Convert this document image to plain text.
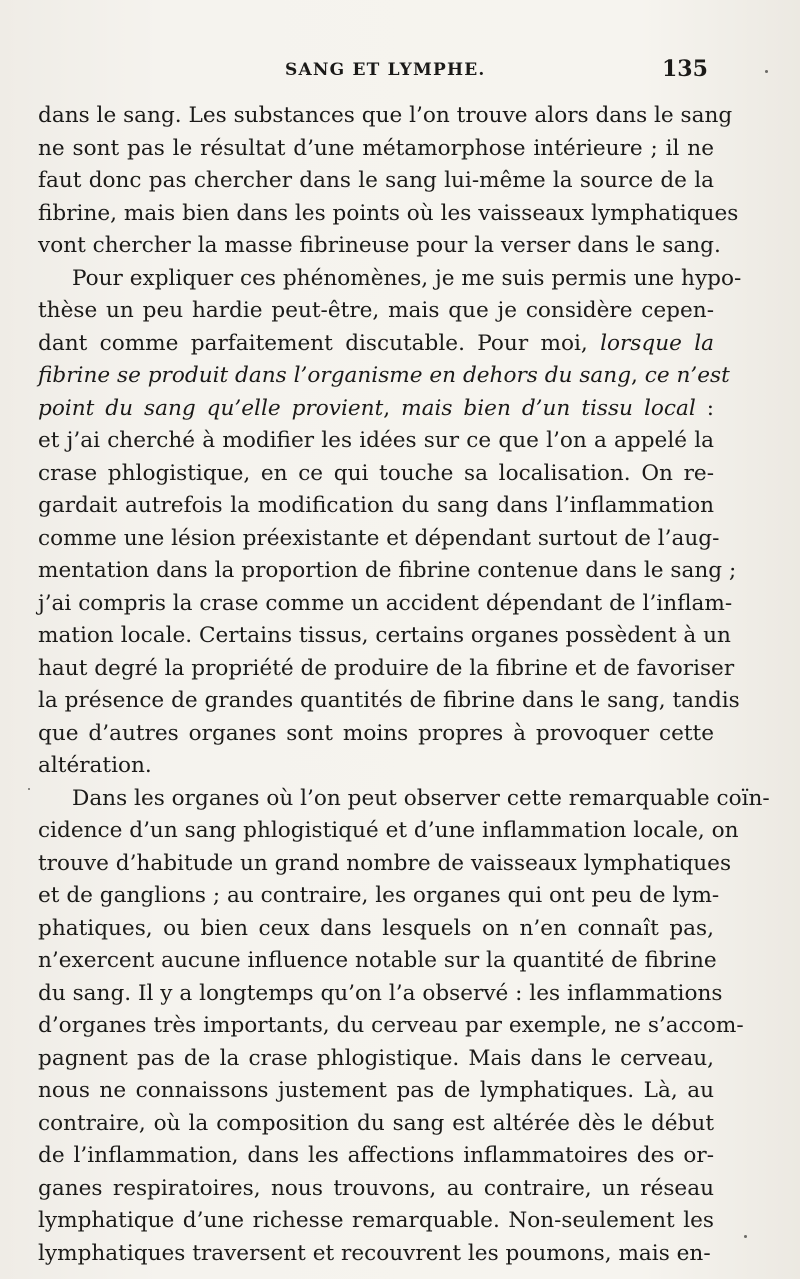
SANG ET LYMPHE.	135
dans le sang. Les substances que l’on trouve alors dans le sang
ne sont pas le résultat d’une métamorphose intérieure ; il ne
faut donc pas chercher dans le sang lui-même la source de la
fibrine, mais bien dans les points où les vaisseaux lymphatiques
vont chercher la masse fibrineuse pour la verser dans le sang.
Pour expliquer ces phénomènes, je me suis permis une hypo-
thèse un peu hardie peut-être, mais que je considère cepen-
dant comme parfaitement discutable. Pour moi, lorsque la
fibrine se produit dans l’organisme en dehors du sang, ce n’est
point du sang qu’elle provient, mais bien d’un tissu local :
et j’ai cherché à modifier les idées sur ce que l’on a appelé la
crase phlogistique, en ce qui touche sa localisation. On re-
gardait autrefois la modification du sang dans l’inflammation
comme une lésion préexistante et dépendant surtout de l’aug-
mentation dans la proportion de fibrine contenue dans le sang ;
j’ai compris la crase comme un accident dépendant de l’inflam-
mation locale. Certains tissus, certains organes possèdent à un
haut degré la propriété de produire de la fibrine et de favoriser
la présence de grandes quantités de fibrine dans le sang, tandis
que d’autres organes sont moins propres à provoquer cette
altération.
Dans les organes où l’on peut observer cette remarquable coïn-
cidence d’un sang phlogistiqué et d’une inflammation locale, on
trouve d’habitude un grand nombre de vaisseaux lymphatiques
et de ganglions ; au contraire, les organes qui ont peu de lym-
phatiques, ou bien ceux dans lesquels on n’en connaît pas,
n’exercent aucune influence notable sur la quantité de fibrine
du sang. Il y a longtemps qu’on l’a observé : les inflammations
d’organes très importants, du cerveau par exemple, ne s’accom-
pagnent pas de la crase phlogistique. Mais dans le cerveau,
nous ne connaissons justement pas de lymphatiques. Là, au
contraire, où la composition du sang est altérée dès le début
de l’inflammation, dans les affections inflammatoires des or-
ganes respiratoires, nous trouvons, au contraire, un réseau
lymphatique d’une richesse remarquable. Non-seulement les
lymphatiques traversent et recouvrent les poumons, mais en-
